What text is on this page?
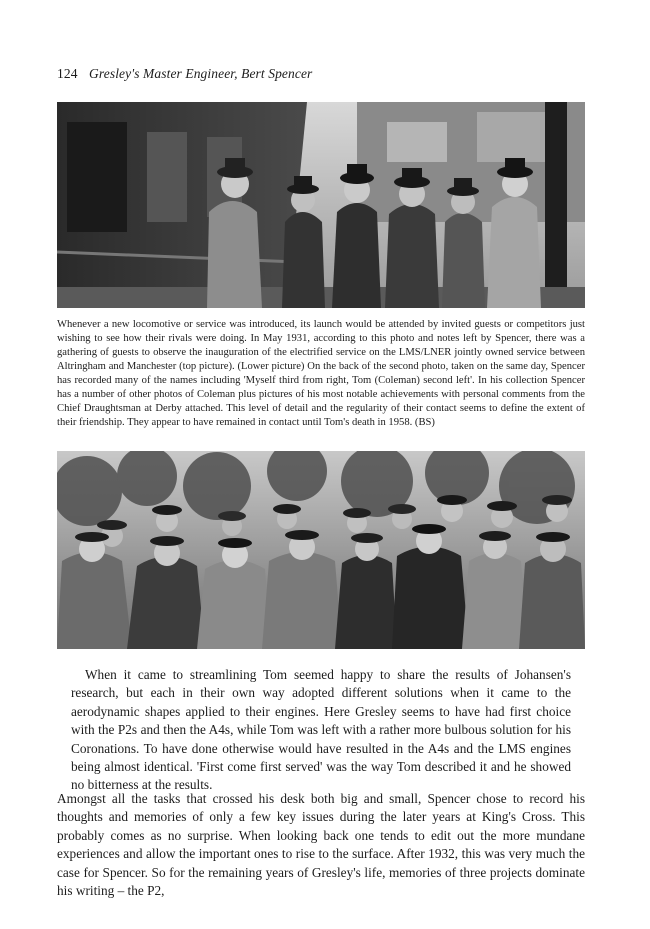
124 Gresley's Master Engineer, Bert Spencer

Whenever a new locomotive or service was introduced, its launch would be attended by invited guests or competitors just wishing to see how their rivals were doing. In May 1931, according to this photo and notes left by Spencer, there was a gathering of guests to observe the inauguration of the electrified service on the LMS/LNER jointly owned service between Altringham and Manchester (top picture). (Lower picture) On the back of the second photo, taken on the same day, Spencer has recorded many of the names including 'Myself third from right, Tom (Coleman) second left'. In his collection Spencer has a number of other photos of Coleman plus pictures of his most notable achievements with personal comments from the Chief Draughtsman at Derby attached. This level of detail and the regularity of their contact seems to define the extent of their friendship. They appear to have remained in contact until Tom's death in 1958. (BS)

When it came to streamlining Tom seemed happy to share the results of Johansen's research, but each in their own way adopted different solutions when it came to the aerodynamic shapes applied to their engines. Here Gresley seems to have had first choice with the P2s and then the A4s, while Tom was left with a rather more bulbous solution for his Coronations. To have done otherwise would have resulted in the A4s and the LMS engines being almost identical. 'First come first served' was the way Tom described it and he showed no bitterness at the results.

Amongst all the tasks that crossed his desk both big and small, Spencer chose to record his thoughts and memories of only a few key issues during the later years at King's Cross. This probably comes as no surprise. When looking back one tends to edit out the more mundane experiences and allow the important ones to rise to the surface. After 1932, this was very much the case for Spencer. So for the remaining years of Gresley's life, memories of three projects dominate his writing – the P2,
